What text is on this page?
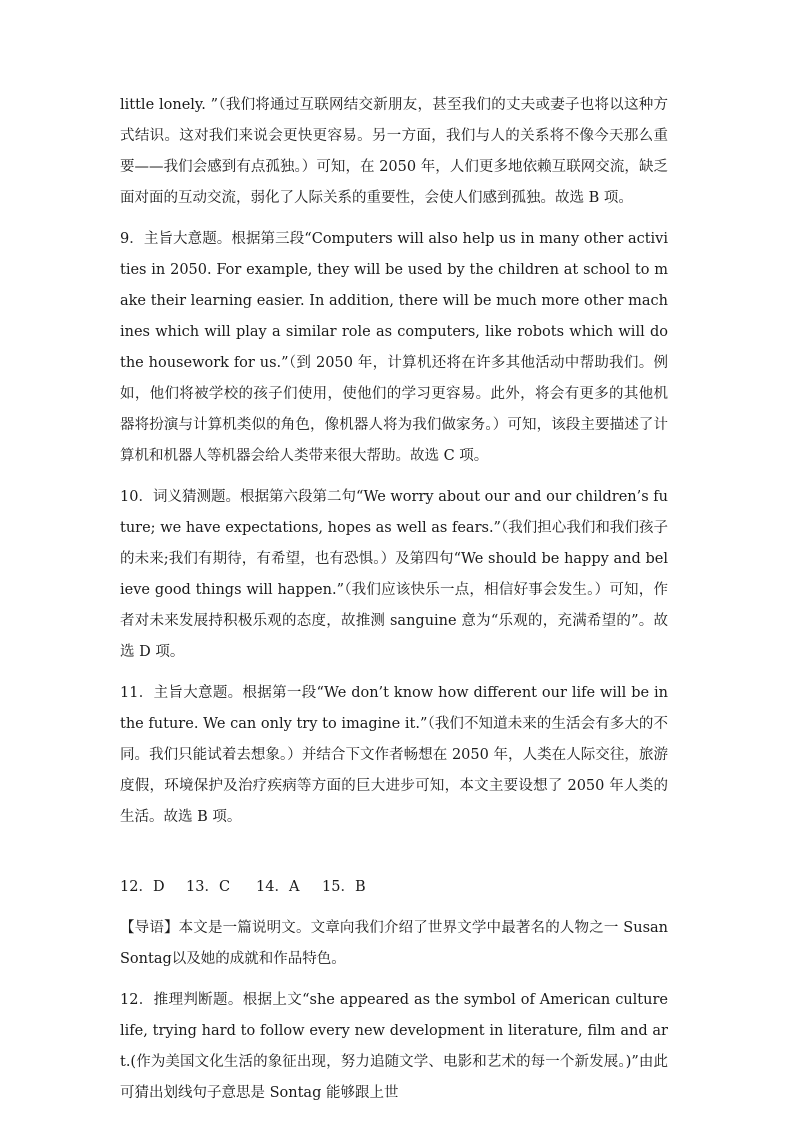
little lonely. ”（我们将通过互联网结交新朋友，甚至我们的丈夫或妻子也将以这种方式结识。这对我们来说会更快更容易。另一方面，我们与人的关系将不像今天那么重要——我们会感到有点孤独。）可知，在 2050 年，人们更多地依赖互联网交流，缺乏面对面的互动交流，弱化了人际关系的重要性，会使人们感到孤独。故选 B 项。

9．主旨大意题。根据第三段“Computers will also help us in many other activities in 2050. For example, they will be used by the children at school to make their learning easier. In addition, there will be much more other machines which will play a similar role as computers, like robots which will do the housework for us.”（到 2050 年，计算机还将在许多其他活动中帮助我们。例如，他们将被学校的孩子们使用，使他们的学习更容易。此外，将会有更多的其他机器将扮演与计算机类似的角色，像机器人将为我们做家务。）可知，该段主要描述了计算机和机器人等机器会给人类带来很大帮助。故选 C 项。

10．词义猜测题。根据第六段第二句“We worry about our and our children’s future; we have expectations, hopes as well as fears.”（我们担心我们和我们孩子的未来;我们有期待，有希望，也有恐惧。）及第四句“We should be happy and believe good things will happen.”（我们应该快乐一点，相信好事会发生。）可知，作者对未来发展持积极乐观的态度，故推测 sanguine 意为“乐观的，充满希望的”。故选 D 项。

11．主旨大意题。根据第一段“We don’t know how different our life will be in the future. We can only try to imagine it.”（我们不知道未来的生活会有多大的不同。我们只能试着去想象。）并结合下文作者畅想在 2050 年，人类在人际交往，旅游度假，环境保护及治疗疾病等方面的巨大进步可知，本文主要设想了 2050 年人类的生活。故选 B 项。

12．D 13．C 14．A 15．B

【导语】本文是一篇说明文。文章向我们介绍了世界文学中最著名的人物之一 Susan Sontag以及她的成就和作品特色。

12．推理判断题。根据上文“she appeared as the symbol of American culture life, trying hard to follow every new development in literature, film and art.(作为美国文化生活的象征出现，努力追随文学、电影和艺术的每一个新发展。)”由此可猜出划线句子意思是 Sontag 能够跟上世
